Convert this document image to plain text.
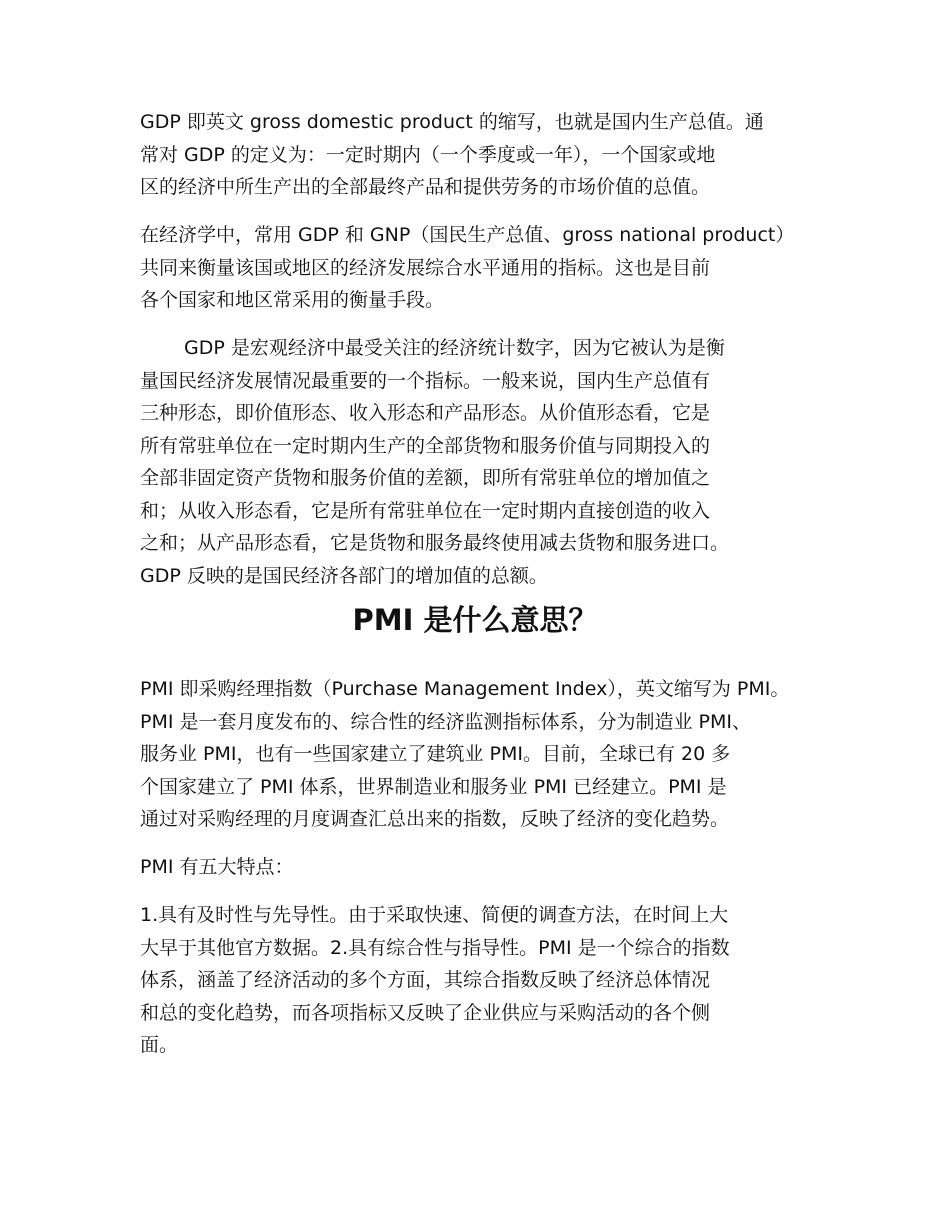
GDP 即英文 gross domestic product 的缩写，也就是国内生产总值。通
常对 GDP 的定义为：一定时期内（一个季度或一年），一个国家或地
区的经济中所生产出的全部最终产品和提供劳务的市场价值的总值。
在经济学中，常用 GDP 和 GNP（国民生产总值、gross national product）
共同来衡量该国或地区的经济发展综合水平通用的指标。这也是目前
各个国家和地区常采用的衡量手段。
GDP 是宏观经济中最受关注的经济统计数字，因为它被认为是衡
量国民经济发展情况最重要的一个指标。一般来说，国内生产总值有
三种形态，即价值形态、收入形态和产品形态。从价值形态看，它是
所有常驻单位在一定时期内生产的全部货物和服务价值与同期投入的
全部非固定资产货物和服务价值的差额，即所有常驻单位的增加值之
和；从收入形态看，它是所有常驻单位在一定时期内直接创造的收入
之和；从产品形态看，它是货物和服务最终使用减去货物和服务进口。
GDP 反映的是国民经济各部门的增加值的总额。
PMI 是什么意思？
PMI 即采购经理指数（Purchase Management Index），英文缩写为 PMI。
PMI 是一套月度发布的、综合性的经济监测指标体系，分为制造业 PMI、
服务业 PMI，也有一些国家建立了建筑业 PMI。目前，全球已有 20 多
个国家建立了 PMI 体系，世界制造业和服务业 PMI 已经建立。PMI 是
通过对采购经理的月度调查汇总出来的指数，反映了经济的变化趋势。
PMI 有五大特点：
1.具有及时性与先导性。由于采取快速、简便的调查方法，在时间上大
大早于其他官方数据。2.具有综合性与指导性。PMI 是一个综合的指数
体系，涵盖了经济活动的多个方面，其综合指数反映了经济总体情况
和总的变化趋势，而各项指标又反映了企业供应与采购活动的各个侧
面。
